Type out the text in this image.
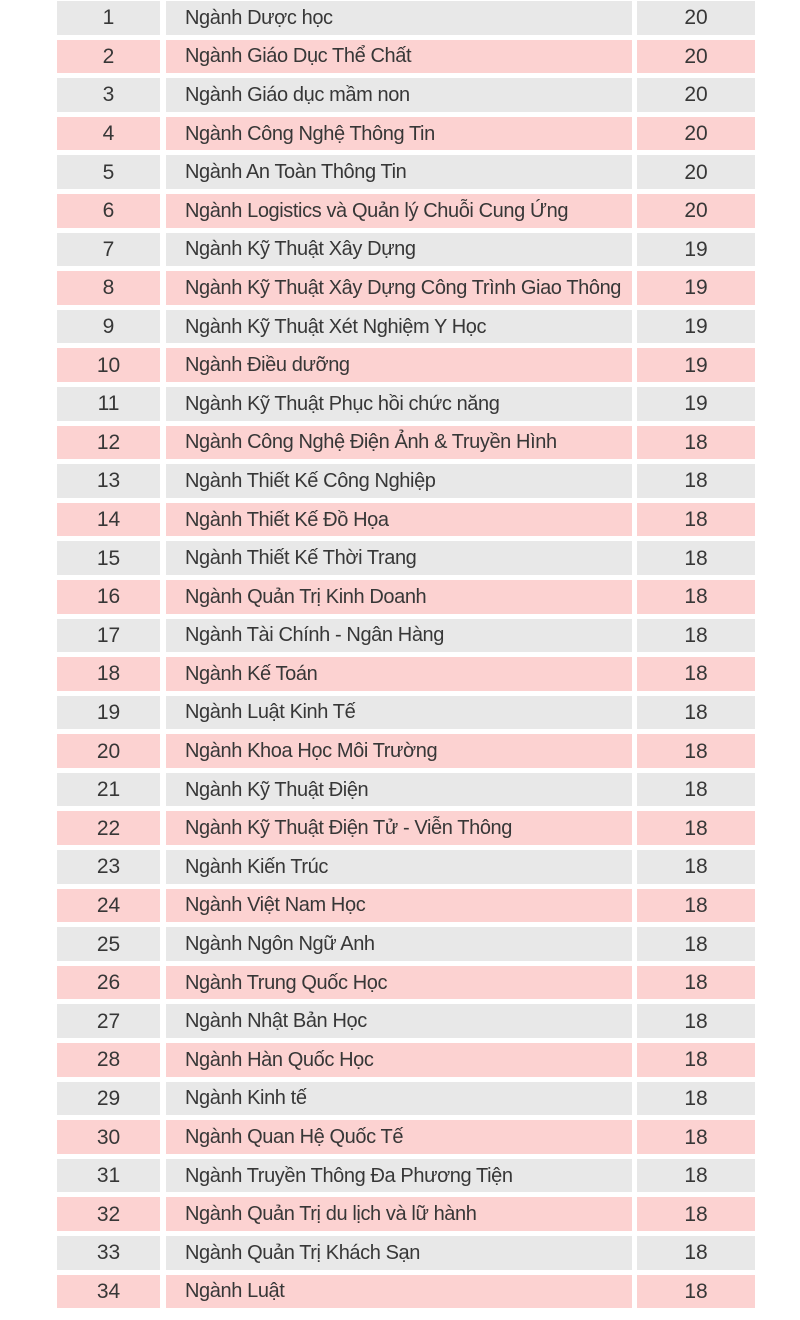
1	Ngành Dược học	20
2	Ngành Giáo Dục Thể Chất	20
3	Ngành Giáo dục mầm non	20
4	Ngành Công Nghệ Thông Tin	20
5	Ngành An Toàn Thông Tin	20
6	Ngành Logistics và Quản lý Chuỗi Cung Ứng	20
7	Ngành Kỹ Thuật Xây Dựng	19
8	Ngành Kỹ Thuật Xây Dựng Công Trình Giao Thông	19
9	Ngành Kỹ Thuật Xét Nghiệm Y Học	19
10	Ngành Điều dưỡng	19
11	Ngành Kỹ Thuật Phục hồi chức năng	19
12	Ngành Công Nghệ Điện Ảnh & Truyền Hình	18
13	Ngành Thiết Kế Công Nghiệp	18
14	Ngành Thiết Kế Đồ Họa	18
15	Ngành Thiết Kế Thời Trang	18
16	Ngành Quản Trị Kinh Doanh	18
17	Ngành Tài Chính - Ngân Hàng	18
18	Ngành Kế Toán	18
19	Ngành Luật Kinh Tế	18
20	Ngành Khoa Học Môi Trường	18
21	Ngành Kỹ Thuật Điện	18
22	Ngành Kỹ Thuật Điện Tử - Viễn Thông	18
23	Ngành Kiến Trúc	18
24	Ngành Việt Nam Học	18
25	Ngành Ngôn Ngữ Anh	18
26	Ngành Trung Quốc Học	18
27	Ngành Nhật Bản Học	18
28	Ngành Hàn Quốc Học	18
29	Ngành Kinh tế	18
30	Ngành Quan Hệ Quốc Tế	18
31	Ngành Truyền Thông Đa Phương Tiện	18
32	Ngành Quản Trị du lịch và lữ hành	18
33	Ngành Quản Trị Khách Sạn	18
34	Ngành Luật	18
